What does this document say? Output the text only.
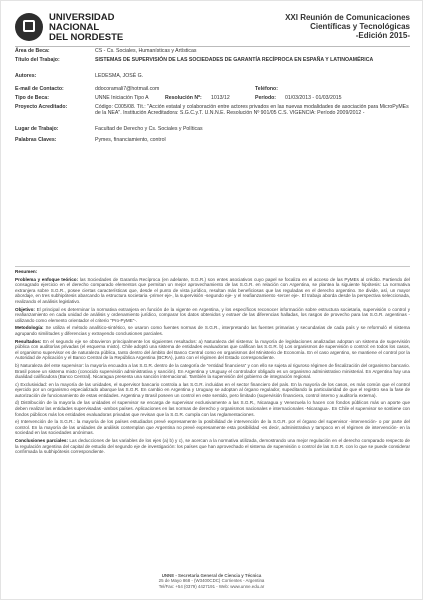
UNIVERSIDAD
NACIONAL
DEL NORDESTE
XXI Reunión de Comunicaciones
Científicas y Tecnológicas
-Edición 2015-
Área de Beca:	CS - Cs. Sociales, Humanísticas y Artísticas
Título del Trabajo:	SISTEMAS DE SUPERVISIÓN DE LAS SOCIEDADES DE GARANTÍA RECÍPROCA EN ESPAÑA Y LATINOAMÉRICA
Autores:	LEDESMA, JOSÉ G.
E-mail de Contacto:	ddocoramali7@hotmail.com	Teléfono:
Tipo de Beca:	UNNE Iniciación Tipo A	Resolución Nº:	1013/12	Período:	01/03/2013 - 01/03/2015
Proyecto Acreditado:	Código: C005/08. Tít.: "Acción estatal y colaboración entre actores privados en las nuevas modalidades de asociación para MicroPyMEs de la NEA". Institución Acreditadora: S.G.C.y.T. U.N.N.E. Resolución Nº 901/05 C.S. VIGENCIA: Período 2009/2012 -
Lugar de Trabajo:	Facultad de Derecho y Cs. Sociales y Políticas
Palabras Claves:	Pymes, financiamiento, control

Resumen:

Problema y enfoque teórico: las Sociedades de Garantía Recíproca (en adelante, S.G.R.) son entes asociativos cuyo papel se focaliza en el acceso de las PyMEs al crédito. Partiendo del consagrado ejercicio en el derecho comparado elementos que permitan un mejor aprovechamiento de las S.G.R. en relación con Argentina, se plantea la siguiente hipótesis: La normativa extranjera sobre S.G.R., posee ciertas características que, desde el punto de vista jurídico, resultan más beneficiosas que las reguladas en el derecho argentino. Se divide, así, un mayor abordaje, en tres subhipótesis abarcando la estructura societaria -primer eje-, la supervisión -segundo eje- y el reafianzamiento -tercer eje-. El trabajo aborda desde la perspectiva seleccionada, realizando el análisis legislativo.

Objetivo: El principal es determinar la normativa extranjera en función de la vigente en Argentina, y los específicos reconocer información sobre estructura societaria, supervisión o control y reafianzamiento en cada unidad de análisis y ordenamiento jurídico, comparar los datos obtenidos y extraer de las diferencias halladas, los rasgos de provecho para las S.G.R. argentinas -utilizando como elemento orientador el criterio "Pro-PyME"-.

Metodología: Se utiliza el método analítico-sintético, se usaron como fuentes normas de S.G.R., interpretando las fuentes primarias y secundarias de cada país y se reformuló el sistema agrupando similitudes y diferencias y extrayendo conclusiones parciales.

Resultados: En el segundo eje se obtuvieron principalmente los siguientes resultados: a) Naturaleza del sistema: la mayoría de legislaciones analizadas adoptan un sistema de supervisión pública con auditorías privadas (el esquema mixto). Chile adoptó una sistema de entidades evaluadoras que califican las S.G.R. b) Los organismos de supervisión o control: en todos los casos, el organismo supervisor es de naturaleza pública, tanto dentro del ámbito del Banco Central como en organismos del Ministerio de Economía. En el caso argentino, se mantiene el control por la Autoridad de Aplicación y el Banco Central de la República Argentina (BCRA), junto con el régimen del Estado correspondiente.

b) Naturaleza del ente supervisor: la mayoría encuadra a las S.G.R. dentro de la categoría de "entidad financiera" y con ello se sujeta al riguroso régimen de fiscalización del organismo bancario. Brasil posee un sistema mixto (conocido supervisión administrativa y sanción). En Argentina y Uruguay el controlador obligado es un organismo administrativo ministerial. En Argentina hay una dualidad calificadora (Banco Central). Nicaragua presenta una sanción internacional. También la supervisión del gobierno de integración regional.

c) Exclusividad: en la mayoría de las unidades, el supervisor bancario controla a las S.G.R. incluidas en el sector financiero del país. En la mayoría de los casos, es más común que el control ejercido por un organismo especializado abarque las S.G.R. En cambio en Argentina y Uruguay se adoptan al órgano regulador, supeditando la particularidad de que el registro sea la fase de autorización de funcionamiento de estas entidades. Argentina y Brasil poseen un control en este sentido, pero limitado (supervisión financiera, control interno y auditoría externa).

d) Distribución de la mayoría de las unidades el supervisor se encarga de supervisar exclusivamente a las S.G.R., Nicaragua y Venezuela lo hacen con fondos públicos más un aporte que deben realizar las entidades supervisadas -ambos países. Aplicaciones en las normas de derecho y organismos nacionales e internacionales -Nicaragua-. En Chile el supervisor se sostiene con fondos públicos más los entidades evaluadoras privadas que revisan que la S.G.R. cumpla con las reglamentaciones.

e) Intervención de la S.G.R.: la mayoría de los países estudiados prevé expresamente la posibilidad de intervención de la S.G.R. por el órgano del supervisor -intervención- o por parte del control. En la mayoría de las unidades de análisis contemplan que Argentina no prevé expresamente esta posibilidad -es decir, administrativa y tampoco en el régimen de intervención- en la sociedad en las sociedades anónimas.

Conclusiones parciales: Las deducciones de las variables de los ejes (a) b) y c), se acercan a la normativa utilizada, demostrando una mejor regulación en el derecho comparado respecto de la regulación argentina del capital de estudio del segundo eje de investigación: los países que han aprovechado el sistema de supervisión o control de las S.G.R. con lo que se puede considerar confirmada la subhipótesis correspondiente.

UNNE - Secretaría General de Ciencia y Técnica
25 de Mayo 868 - (W3400CDC) Corrientes - Argentina
Tel/Fax: +54 (0379) 4427191 - Web: www.unne.edu.ar
